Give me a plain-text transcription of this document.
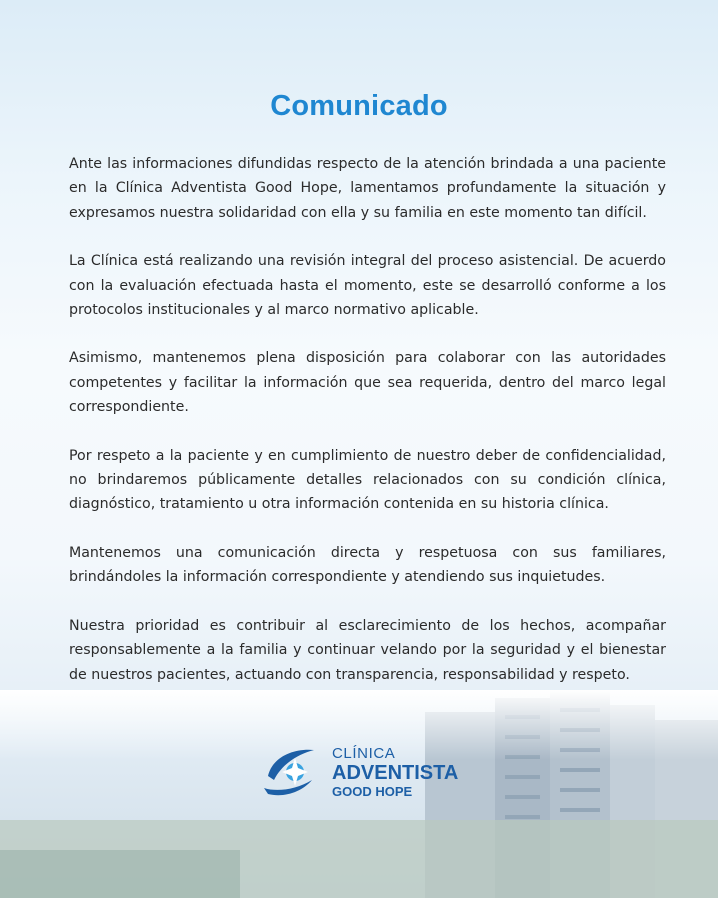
Comunicado

Ante las informaciones difundidas respecto de la atención brindada a una paciente en la Clínica Adventista Good Hope, lamentamos profundamente la situación y expresamos nuestra solidaridad con ella y su familia en este momento tan difícil.

La Clínica está realizando una revisión integral del proceso asistencial. De acuerdo con la evaluación efectuada hasta el momento, este se desarrolló conforme a los protocolos institucionales y al marco normativo aplicable.

Asimismo, mantenemos plena disposición para colaborar con las autoridades competentes y facilitar la información que sea requerida, dentro del marco legal correspondiente.

Por respeto a la paciente y en cumplimiento de nuestro deber de confidencialidad, no brindaremos públicamente detalles relacionados con su condición clínica, diagnóstico, tratamiento u otra información contenida en su historia clínica.

Mantenemos una comunicación directa y respetuosa con sus familiares, brindándoles la información correspondiente y atendiendo sus inquietudes.

Nuestra prioridad es contribuir al esclarecimiento de los hechos, acompañar responsablemente a la familia y continuar velando por la seguridad y el bienestar de nuestros pacientes, actuando con transparencia, responsabilidad y respeto.

CLÍNICA
ADVENTISTA
GOOD HOPE
